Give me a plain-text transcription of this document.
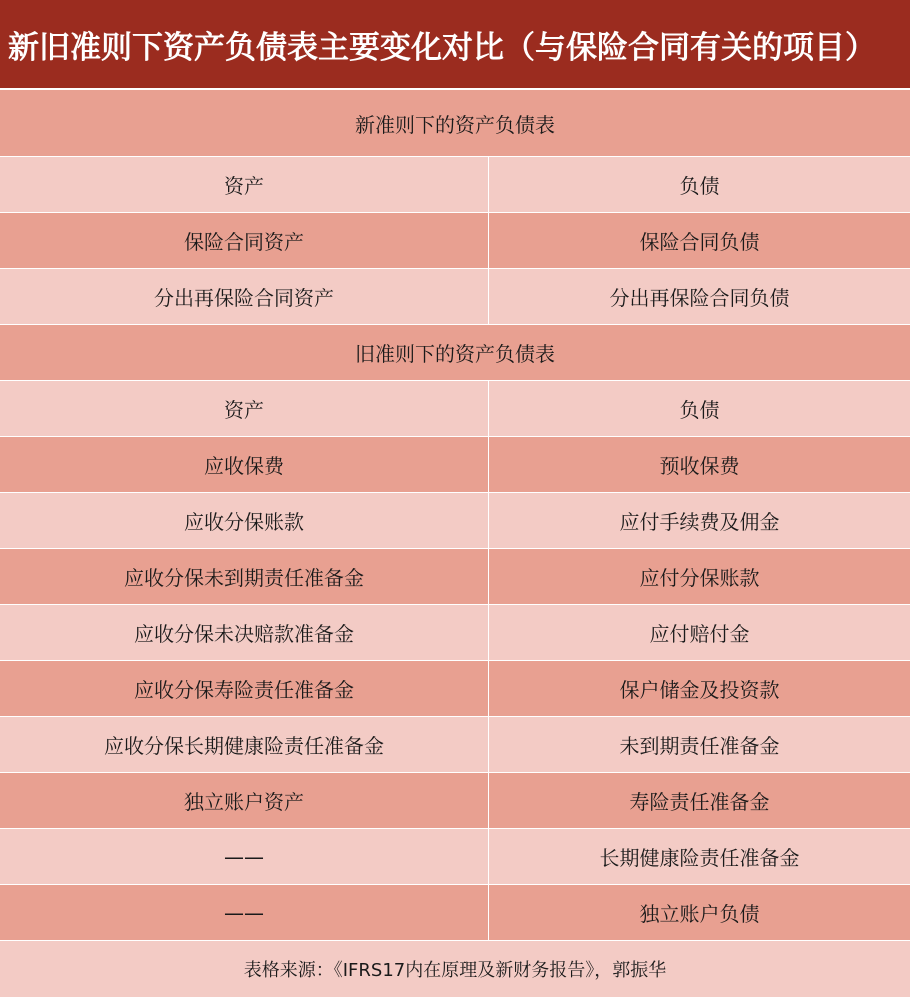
新旧准则下资产负债表主要变化对比（与保险合同有关的项目）
新准则下的资产负债表
资产	负债
保险合同资产	保险合同负债
分出再保险合同资产	分出再保险合同负债
旧准则下的资产负债表
资产	负债
应收保费	预收保费
应收分保账款	应付手续费及佣金
应收分保未到期责任准备金	应付分保账款
应收分保未决赔款准备金	应付赔付金
应收分保寿险责任准备金	保户储金及投资款
应收分保长期健康险责任准备金	未到期责任准备金
独立账户资产	寿险责任准备金
——	长期健康险责任准备金
——	独立账户负债
表格来源：《IFRS17内在原理及新财务报告》，郭振华
